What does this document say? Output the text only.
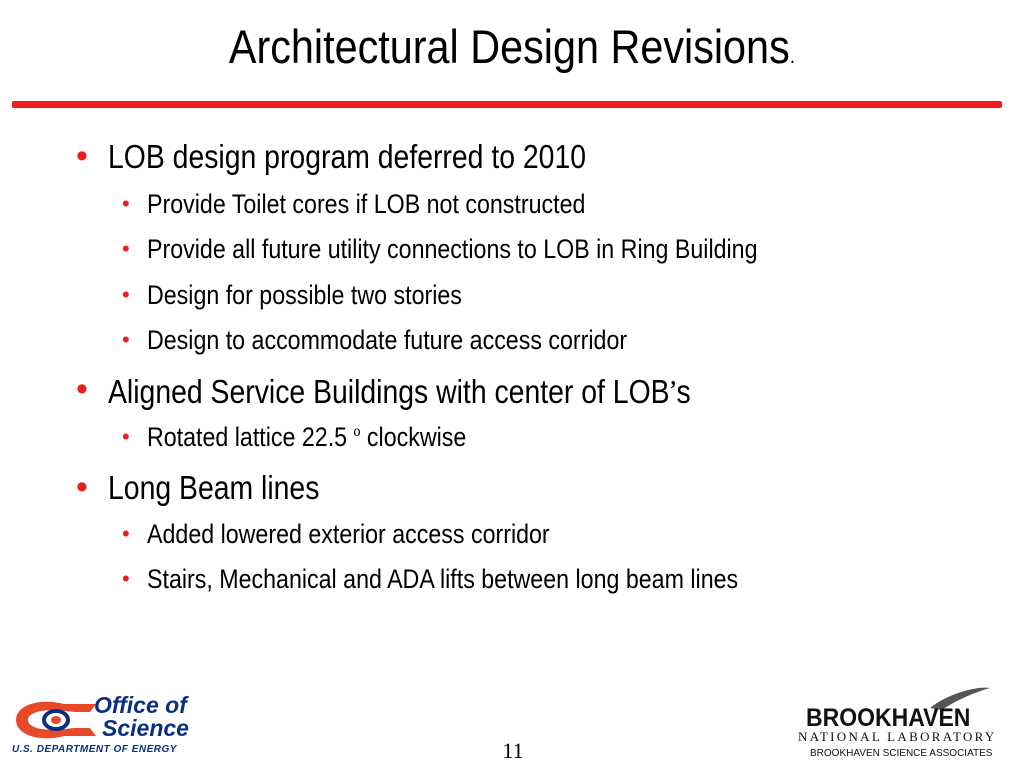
Architectural Design Revisions.
• LOB design program deferred to 2010
• Provide Toilet cores if LOB not constructed
• Provide all future utility connections to LOB in Ring Building
• Design for possible two stories
• Design to accommodate future access corridor
• Aligned Service Buildings with center of LOB’s
• Rotated lattice 22.5 º clockwise
• Long Beam lines
• Added lowered exterior access corridor
• Stairs, Mechanical and ADA lifts between long beam lines
Office of
Science
U.S. DEPARTMENT OF ENERGY	11
BROOKHAVEN
NATIONAL LABORATORY
BROOKHAVEN SCIENCE ASSOCIATES
